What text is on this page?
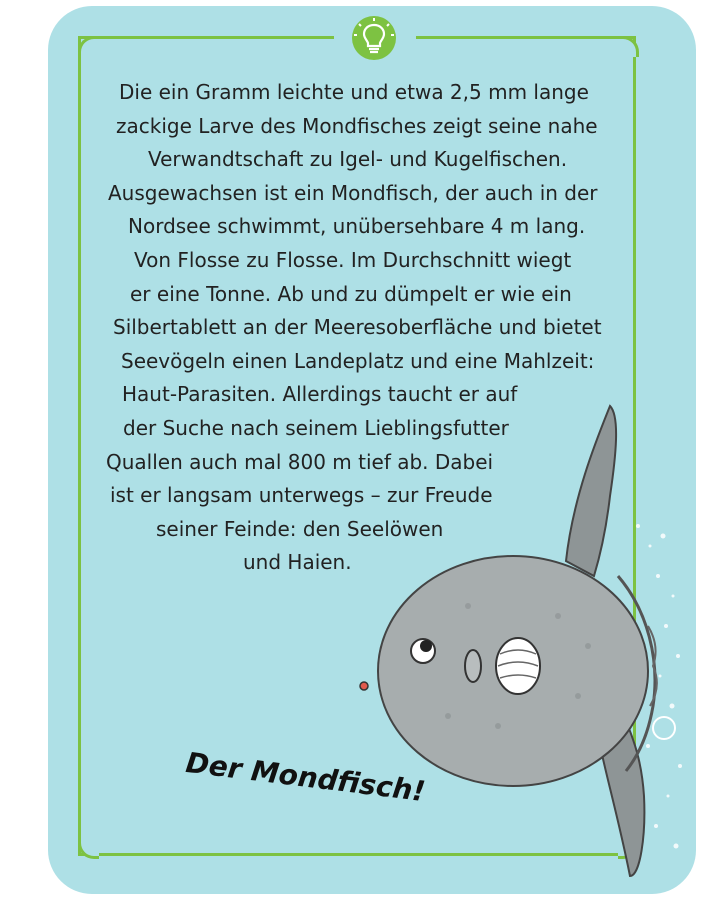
Die ein Gramm leichte und etwa 2,5 mm lange
zackige Larve des Mondfisches zeigt seine nahe
Verwandtschaft zu Igel- und Kugelfischen.
Ausgewachsen ist ein Mondfisch, der auch in der
Nordsee schwimmt, unübersehbare 4 m lang.
Von Flosse zu Flosse. Im Durchschnitt wiegt
er eine Tonne. Ab und zu dümpelt er wie ein
Silbertablett an der Meeresoberfläche und bietet
Seevögeln einen Landeplatz und eine Mahlzeit:
Haut-Parasiten. Allerdings taucht er auf
der Suche nach seinem Lieblingsfutter
Quallen auch mal 800 m tief ab. Dabei
ist er langsam unterwegs – zur Freude
seiner Feinde: den Seelöwen
und Haien.
Der Mondfisch!
